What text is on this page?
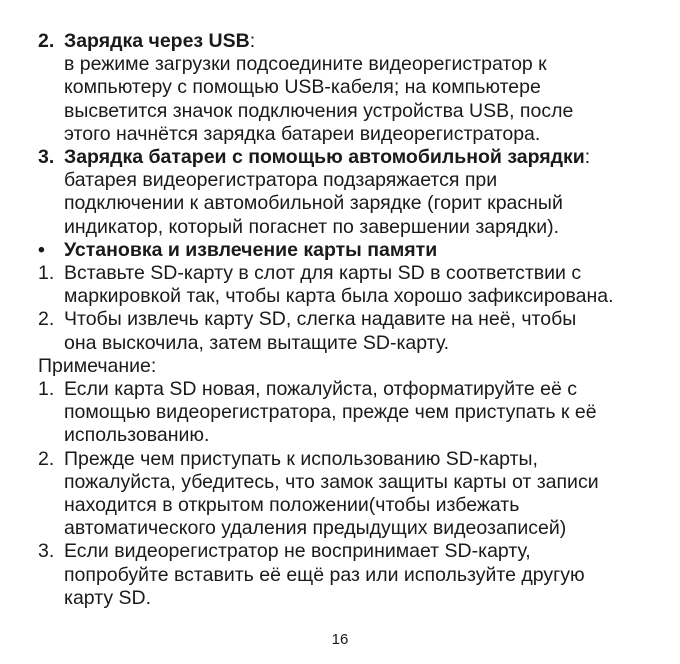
2. Зарядка через USB:
в режиме загрузки подсоедините видеорегистратор к
компьютеру с помощью USB-кабеля; на компьютере
высветится значок подключения устройства USB, после
этого начнётся зарядка батареи видеорегистратора.
3. Зарядка батареи с помощью автомобильной зарядки:
батарея видеорегистратора подзаряжается при
подключении к автомобильной зарядке (горит красный
индикатор, который погаснет по завершении зарядки).
• Установка и извлечение карты памяти
1. Вставьте SD-карту в слот для карты SD в соответствии с
маркировкой так, чтобы карта была хорошо зафиксирована.
2. Чтобы извлечь карту SD, слегка надавите на неё, чтобы
она выскочила, затем вытащите SD-карту.
Примечание:
1. Если карта SD новая, пожалуйста, отформатируйте её с
помощью видеорегистратора, прежде чем приступать к её
использованию.
2. Прежде чем приступать к использованию SD-карты,
пожалуйста, убедитесь, что замок защиты карты от записи
находится в открытом положении(чтобы избежать
автоматического удаления предыдущих видеозаписей)
3. Если видеорегистратор не воспринимает SD-карту,
попробуйте вставить её ещё раз или используйте другую
карту SD.
16
